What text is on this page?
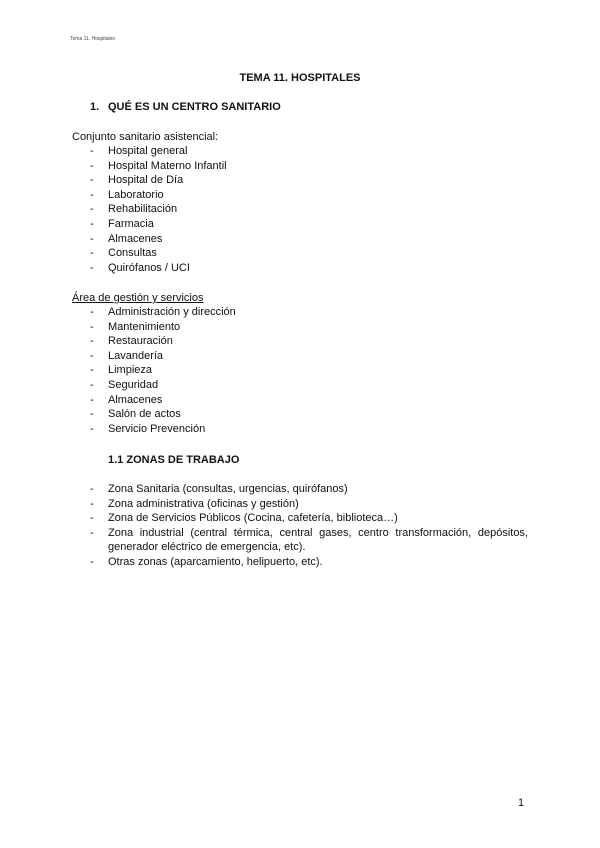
Tema 11. Hospitales
TEMA 11. HOSPITALES
1. QUÉ ES UN CENTRO SANITARIO
Conjunto sanitario asistencial:
- Hospital general
- Hospital Materno Infantil
- Hospital de Día
- Laboratorio
- Rehabilitación
- Farmacia
- Almacenes
- Consultas
- Quirófanos / UCI
Área de gestión y servicios
- Administración y dirección
- Mantenimiento
- Restauración
- Lavandería
- Limpieza
- Seguridad
- Almacenes
- Salón de actos
- Servicio Prevención
1.1 ZONAS DE TRABAJO
-	Zona Sanitaria (consultas, urgencias, quirófanos)
-	Zona administrativa (oficinas y gestión)
-	Zona de Servicios Públicos (Cocina, cafetería, biblioteca…)
-	Zona industrial (central térmica, central gases, centro transformación, depósitos, generador eléctrico de emergencia, etc).
-	Otras zonas (aparcamiento, helipuerto, etc).
1
